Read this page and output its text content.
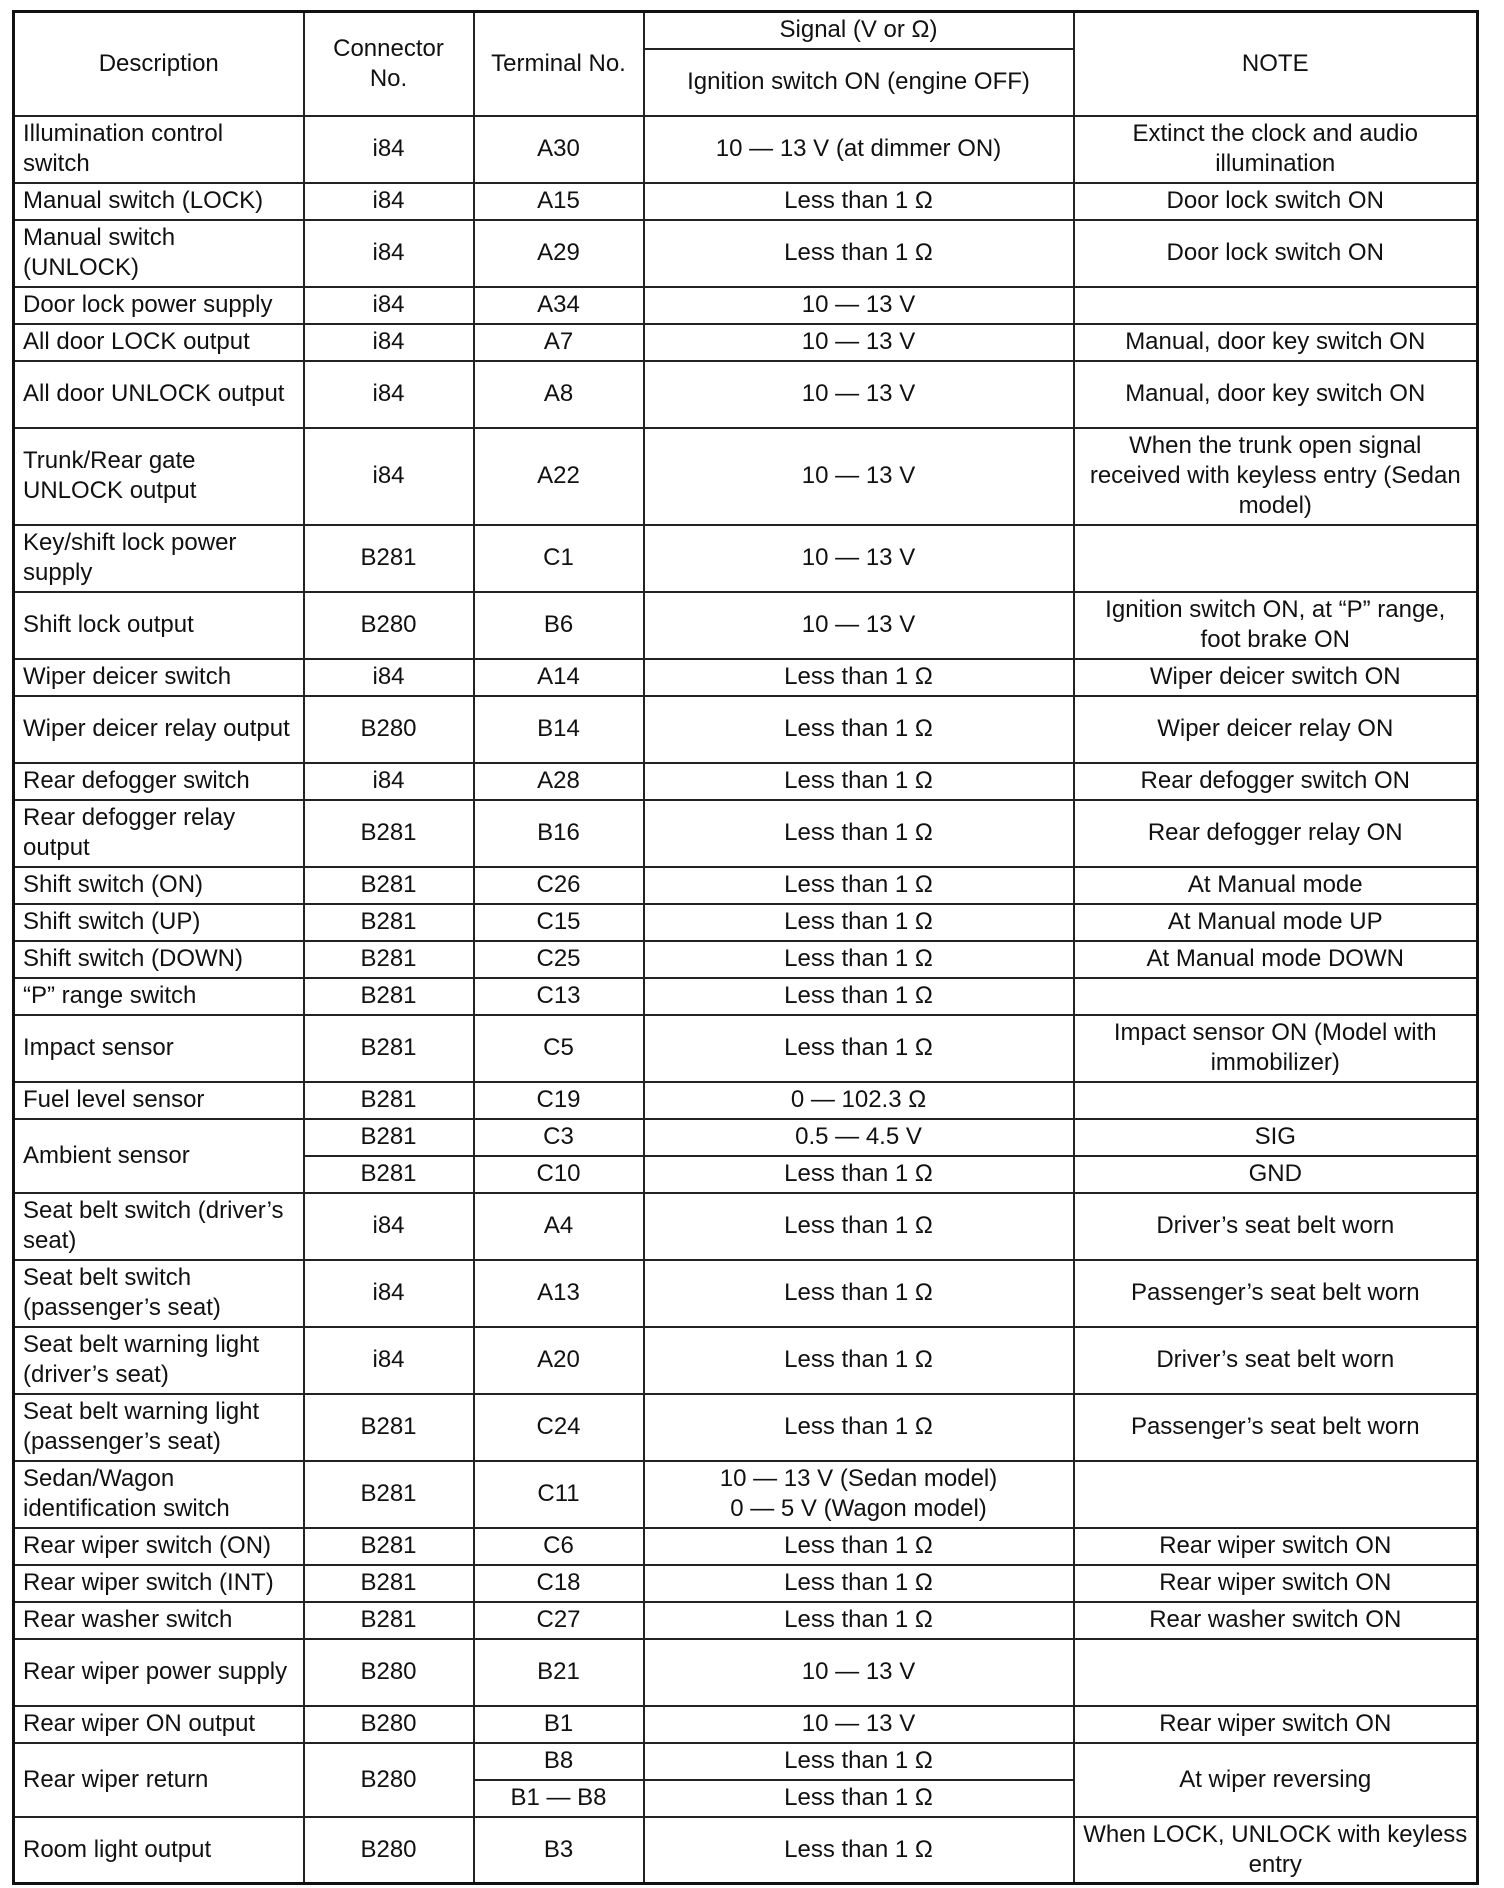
Description	Connector No.	Terminal No.	Signal (V or Ω)	NOTE
			Ignition switch ON (engine OFF)	
Illumination control switch	i84	A30	10 — 13 V (at dimmer ON)	Extinct the clock and audio illumination
Manual switch (LOCK)	i84	A15	Less than 1 Ω	Door lock switch ON
Manual switch (UNLOCK)	i84	A29	Less than 1 Ω	Door lock switch ON
Door lock power supply	i84	A34	10 — 13 V	
All door LOCK output	i84	A7	10 — 13 V	Manual, door key switch ON
All door UNLOCK output	i84	A8	10 — 13 V	Manual, door key switch ON
Trunk/Rear gate UNLOCK output	i84	A22	10 — 13 V	When the trunk open signal received with keyless entry (Sedan model)
Key/shift lock power supply	B281	C1	10 — 13 V	
Shift lock output	B280	B6	10 — 13 V	Ignition switch ON, at “P” range, foot brake ON
Wiper deicer switch	i84	A14	Less than 1 Ω	Wiper deicer switch ON
Wiper deicer relay output	B280	B14	Less than 1 Ω	Wiper deicer relay ON
Rear defogger switch	i84	A28	Less than 1 Ω	Rear defogger switch ON
Rear defogger relay output	B281	B16	Less than 1 Ω	Rear defogger relay ON
Shift switch (ON)	B281	C26	Less than 1 Ω	At Manual mode
Shift switch (UP)	B281	C15	Less than 1 Ω	At Manual mode UP
Shift switch (DOWN)	B281	C25	Less than 1 Ω	At Manual mode DOWN
“P” range switch	B281	C13	Less than 1 Ω	
Impact sensor	B281	C5	Less than 1 Ω	Impact sensor ON (Model with immobilizer)
Fuel level sensor	B281	C19	0 — 102.3 Ω	
Ambient sensor	B281	C3	0.5 — 4.5 V	SIG
	B281	C10	Less than 1 Ω	GND
Seat belt switch (driver’s seat)	i84	A4	Less than 1 Ω	Driver’s seat belt worn
Seat belt switch (passenger’s seat)	i84	A13	Less than 1 Ω	Passenger’s seat belt worn
Seat belt warning light (driver’s seat)	i84	A20	Less than 1 Ω	Driver’s seat belt worn
Seat belt warning light (passenger’s seat)	B281	C24	Less than 1 Ω	Passenger’s seat belt worn
Sedan/Wagon identification switch	B281	C11	10 — 13 V (Sedan model)
0 — 5 V (Wagon model)	

Rear wiper switch (ON)	B281	C6	Less than 1 Ω	Rear wiper switch ON
Rear wiper switch (INT)	B281	C18	Less than 1 Ω	Rear wiper switch ON
Rear washer switch	B281	C27	Less than 1 Ω	Rear washer switch ON
Rear wiper power supply	B280	B21	10 — 13 V	
Rear wiper ON output	B280	B1	10 — 13 V	Rear wiper switch ON
Rear wiper return	B280	B8	Less than 1 Ω	At wiper reversing
		B1 — B8	Less than 1 Ω	
Room light output	B280	B3	Less than 1 Ω	When LOCK, UNLOCK with keyless entry
